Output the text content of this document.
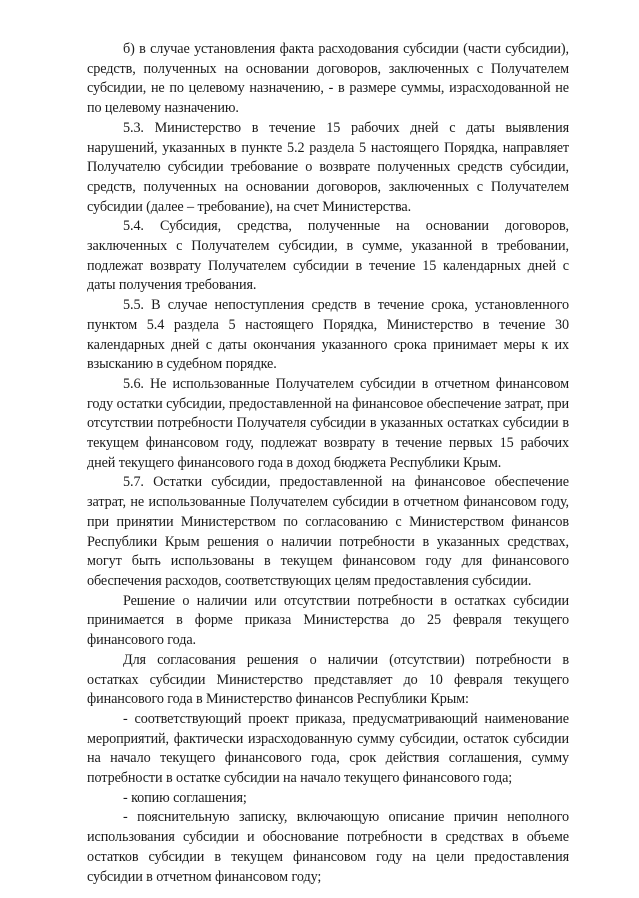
б) в случае установления факта расходования субсидии (части субсидии), средств, полученных на основании договоров, заключенных с Получателем субсидии, не по целевому назначению, - в размере суммы, израсходованной не по целевому назначению.

5.3. Министерство в течение 15 рабочих дней с даты выявления нарушений, указанных в пункте 5.2 раздела 5 настоящего Порядка, направляет Получателю субсидии требование о возврате полученных средств субсидии, средств, полученных на основании договоров, заключенных с Получателем субсидии (далее – требование), на счет Министерства.

5.4. Субсидия, средства, полученные на основании договоров, заключенных с Получателем субсидии, в сумме, указанной в требовании, подлежат возврату Получателем субсидии в течение 15 календарных дней с даты получения требования.

5.5. В случае непоступления средств в течение срока, установленного пунктом 5.4 раздела 5 настоящего Порядка, Министерство в течение 30 календарных дней с даты окончания указанного срока принимает меры к их взысканию в судебном порядке.

5.6. Не использованные Получателем субсидии в отчетном финансовом году остатки субсидии, предоставленной на финансовое обеспечение затрат, при отсутствии потребности Получателя субсидии в указанных остатках субсидии в текущем финансовом году, подлежат возврату в течение первых 15 рабочих дней текущего финансового года в доход бюджета Республики Крым.

5.7. Остатки субсидии, предоставленной на финансовое обеспечение затрат, не использованные Получателем субсидии в отчетном финансовом году, при принятии Министерством по согласованию с Министерством финансов Республики Крым решения о наличии потребности в указанных средствах, могут быть использованы в текущем финансовом году для финансового обеспечения расходов, соответствующих целям предоставления субсидии.

Решение о наличии или отсутствии потребности в остатках субсидии принимается в форме приказа Министерства до 25 февраля текущего финансового года.

Для согласования решения о наличии (отсутствии) потребности в остатках субсидии Министерство представляет до 10 февраля текущего финансового года в Министерство финансов Республики Крым:

- соответствующий проект приказа, предусматривающий наименование мероприятий, фактически израсходованную сумму субсидии, остаток субсидии на начало текущего финансового года, срок действия соглашения, сумму потребности в остатке субсидии на начало текущего финансового года;

- копию соглашения;

- пояснительную записку, включающую описание причин неполного использования субсидии и обоснование потребности в средствах в объеме остатков субсидии в текущем финансовом году на цели предоставления субсидии в отчетном финансовом году;
